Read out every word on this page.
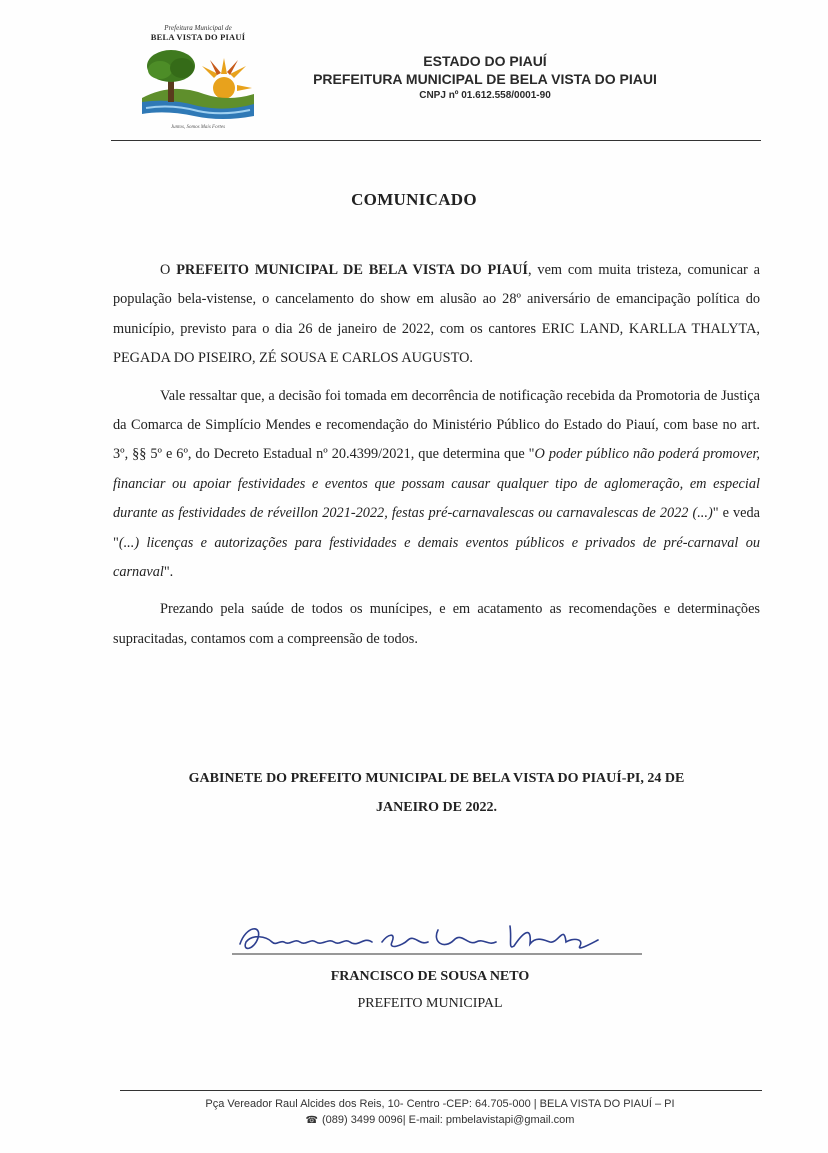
Prefeitura Municipal de
BELA VISTA DO PIAUÍ
Juntos, Somos Mais Fortes
ESTADO DO PIAUÍ
PREFEITURA MUNICIPAL DE BELA VISTA DO PIAUI
CNPJ nº 01.612.558/0001-90
COMUNICADO

O PREFEITO MUNICIPAL DE BELA VISTA DO PIAUÍ, vem com muita tristeza, comunicar a população bela-vistense, o cancelamento do show em alusão ao 28º aniversário de emancipação política do município, previsto para o dia 26 de janeiro de 2022, com os cantores ERIC LAND, KARLLA THALYTA, PEGADA DO PISEIRO, ZÉ SOUSA E CARLOS AUGUSTO.

Vale ressaltar que, a decisão foi tomada em decorrência de notificação recebida da Promotoria de Justiça da Comarca de Simplício Mendes e recomendação do Ministério Público do Estado do Piauí, com base no art. 3º, §§ 5º e 6º, do Decreto Estadual nº 20.4399/2021, que determina que "O poder público não poderá promover, financiar ou apoiar festividades e eventos que possam causar qualquer tipo de aglomeração, em especial durante as festividades de réveillon 2021-2022, festas pré-carnavalescas ou carnavalescas de 2022 (...)" e veda "(...) licenças e autorizações para festividades e demais eventos públicos e privados de pré-carnaval ou carnaval".

Prezando pela saúde de todos os munícipes, e em acatamento as recomendações e determinações supracitadas, contamos com a compreensão de todos.

GABINETE DO PREFEITO MUNICIPAL DE BELA VISTA DO PIAUÍ-PI, 24 DE
JANEIRO DE 2022.
FRANCISCO DE SOUSA NETO
PREFEITO MUNICIPAL
Pça Vereador Raul Alcides dos Reis, 10- Centro -CEP: 64.705-000 | BELA VISTA DO PIAUÍ – PI
☎ (089) 3499 0096| E-mail: pmbelavistapi@gmail.com
